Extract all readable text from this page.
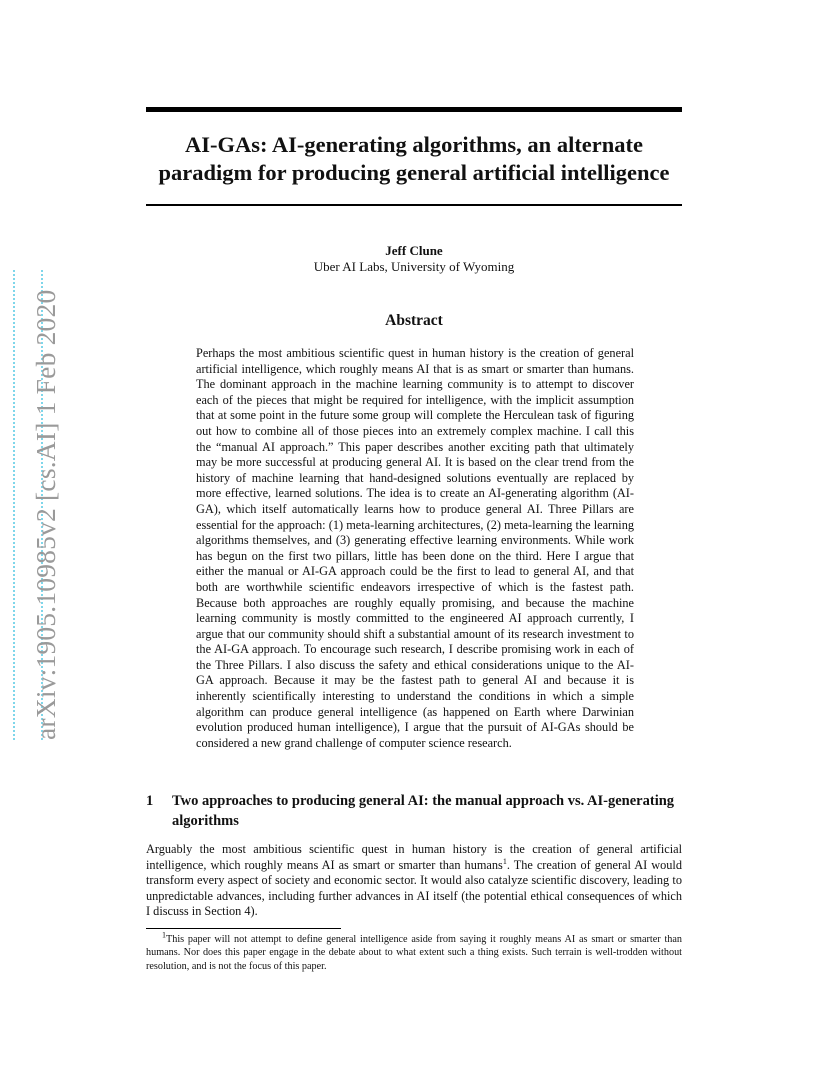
arXiv:1905.10985v2 [cs.AI] 1 Feb 2020
AI-GAs: AI-generating algorithms, an alternate
paradigm for producing general artificial intelligence
Jeff Clune
Uber AI Labs, University of Wyoming
Abstract

Perhaps the most ambitious scientific quest in human history is the creation of general artificial intelligence, which roughly means AI that is as smart or smarter than humans. The dominant approach in the machine learning community is to attempt to discover each of the pieces that might be required for intelligence, with the implicit assumption that at some point in the future some group will complete the Herculean task of figuring out how to combine all of those pieces into an extremely complex machine. I call this the “manual AI approach.” This paper describes another exciting path that ultimately may be more successful at producing general AI. It is based on the clear trend from the history of machine learning that hand-designed solutions eventually are replaced by more effective, learned solutions. The idea is to create an AI-generating algorithm (AI-GA), which itself automatically learns how to produce general AI. Three Pillars are essential for the approach: (1) meta-learning architectures, (2) meta-learning the learning algorithms themselves, and (3) generating effective learning environments. While work has begun on the first two pillars, little has been done on the third. Here I argue that either the manual or AI-GA approach could be the first to lead to general AI, and that both are worthwhile scientific endeavors irrespective of which is the fastest path. Because both approaches are roughly equally promising, and because the machine learning community is mostly committed to the engineered AI approach currently, I argue that our community should shift a substantial amount of its research investment to the AI-GA approach. To encourage such research, I describe promising work in each of the Three Pillars. I also discuss the safety and ethical considerations unique to the AI-GA approach. Because it may be the fastest path to general AI and because it is inherently scientifically interesting to understand the conditions in which a simple algorithm can produce general intelligence (as happened on Earth where Darwinian evolution produced human intelligence), I argue that the pursuit of AI-GAs should be considered a new grand challenge of computer science research.

1	Two approaches to producing general AI: the manual approach vs. AI-generating algorithms

Arguably the most ambitious scientific quest in human history is the creation of general artificial intelligence, which roughly means AI as smart or smarter than humans$^1$. The creation of general AI would transform every aspect of society and economic sector. It would also catalyze scientific discovery, leading to unpredictable advances, including further advances in AI itself (the potential ethical consequences of which I discuss in Section 4).

$^1$This paper will not attempt to define general intelligence aside from saying it roughly means AI as smart or smarter than humans. Nor does this paper engage in the debate about to what extent such a thing exists. Such terrain is well-trodden without resolution, and is not the focus of this paper.
